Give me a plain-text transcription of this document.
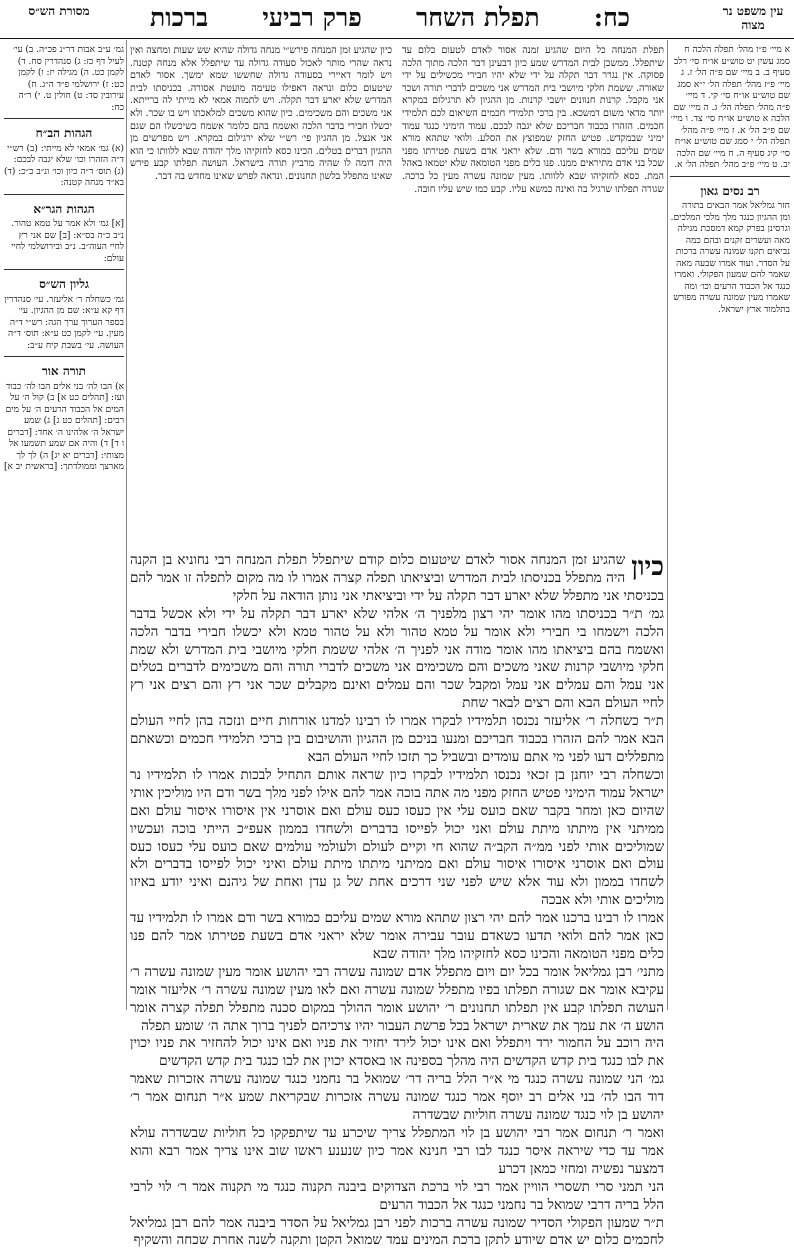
עין משפט נר מצוה
כח:
תפלת השחר
פרק רביעי
ברכות
מסורת הש״ס
א מיי׳ פ״ו מהל׳ תפלה הלכה ח סמג עשין יט טוש״ע או״ח סי׳ רלב סעיף ב. ב מיי׳ שם פ״ה הל׳ ז. ג מיי׳ פ״ז מהל׳ תפלה הל׳ י״א סמג שם טוש״ע או״ח סי׳ קי. ד מיי׳ פ״ה מהל׳ תפלה הל׳ ג. ה מיי׳ שם הלכה א טוש״ע או״ח סי׳ צד. ו מיי׳ שם פ״ב הל׳ א. ז מיי׳ פ״ה מהל׳ תפלה הל׳ י סמג שם טוש״ע או״ח סי׳ קיג סעיף ה. ח מיי׳ שם הלכה יב. ט מיי׳ פ״ב מהל׳ תפלה הל׳ א.
רב נסים גאון
חזר גמליאל אמר הבאים בתורה ומן ההגיון כנגד מלך מלכי המלכים. וגרסינן בפרק קמא דמסכת מגילה מאה ועשרים זקנים ובהם כמה נביאים תקנו שמונה עשרה ברכות על הסדר. ועוד אמרו שבעה מאה שאמר להם שמעון הפקולי. ואמרו כנגד אל הכבוד הרעים וכו׳ ומה שאמרו מעין שמונה עשרה מפורש בתלמוד ארץ ישראל.
גמ׳ ע״ב אבות דר״נ פכ״ה. ב) עי׳ לעיל דף כז: ג) סנהדרין סח. ד) לקמן כט. ה) מגילה יז: ו) לקמן כט: ז) ירושלמי פ״ד ה״ג. ח) עירובין סד: ט) חולין ט. י) ר״ה כח:
הגהות הב״ח
(א) גמ׳ אמאי לא מייתי: (ב) רש״י ד״ה הזהרו וכו׳ שלא יגבה לבכם: (ג) תוס׳ ד״ה כיון וכו׳ ונ״ב כ״כ: (ד) בא״ד מנחה קטנה:
הגהות הגר״א
[א] גמ׳ ולא אמר על טמא טהור. נ״ב כ״ה בס״א: [ב] שם אני רץ לחיי העוה״ב. נ״ב ובירושלמי לחיי עולם:
גליון הש״ס
גמ׳ כשחלה ר׳ אליעזר. עי׳ סנהדרין דף קא ע״א: שם מן ההגיון. עי׳ בספר הערוך ערך הגה: רש״י ד״ה מעין. עי׳ לקמן כט ע״א: תוס׳ ד״ה העושה. עי׳ בשבת קיח ע״ב:
תורה אור
א) הבו לה׳ בני אלים הבו לה׳ כבוד ועז: [תהלים כט א] ב) קול ה׳ על המים אל הכבוד הרעים ה׳ על מים רבים: [תהלים כט ג] ג) שמע ישראל ה׳ אלהינו ה׳ אחד: [דברים ו ד] ד) והיה אם שמע תשמעו אל מצותי: [דברים יא יג] ה) לך לך מארצך וממולדתך: [בראשית יב א]
תפלת המנחה כל היום שהגיע זמנה אסור לאדם לטעום כלום עד שיתפלל. ממשכן לבית המדרש שמע כיון דבעינן דבר הלכה מתוך הלכה פסוקה. אין נגרר דבר תקלה על ידי שלא יהיו חבירי מכשילים על ידי שאורה. ששמת חלקי מיושבי בית המדרש אני משכים לדברי תורה ושכר אני מקבל. קרנות חנוונים יושבי קרנות. מן ההגיון לא תרגילום במקרא יותר מדאי משום דמשכא. בין ברכי תלמידי חכמים השיאום לכם תלמידי חכמים. הזהרו בכבוד חבריכם שלא יגבה לבכם. עמוד הימיני כנגד עמוד ימיני שבמקדש. פטיש החזק שמפוצץ את הסלע. ולואי שתהא מורא שמים עליכם כמורא בשר ודם. שלא יראני אדם בשעת פטירתו מפני שכל בני אדם מתיראים ממנו. פנו כלים מפני הטומאה שלא יטמאו באהל המת. כסא לחזקיהו שבא ללוותו. מעין שמונה עשרה מעין כל ברכה. שגורה תפלתו שרגיל בה ואינה כמשא עליו. קבע כמו שיש עליו חובה.
כיון שהגיע זמן המנחה פירש״י מנחה גדולה שהיא שש שעות ומחצה ואין נראה שהרי מותר לאכול סעודה גדולה עד שיתפלל אלא מנחה קטנה. ויש לומר דאיירי בסעודה גדולה שחששו שמא ימשך. אסור לאדם שיטעום כלום ונראה דאפילו טעימה מועטת אסורה. בכניסתו לבית המדרש שלא יארע דבר תקלה. ויש לתמוה אמאי לא מייתי לה ברייתא. אני משכים והם משכימים. כיון שהוא משכים למלאכתו ויש בו שכר. ולא יכשלו חבירי בדבר הלכה ואשמח בהם כלומר אשמח כשיכשלו הם שגם אני אנצל. מן ההגיון פי׳ רש״י שלא ירגילום במקרא. ויש מפרשים מן ההגיון דברים בטלים. הכינו כסא לחזקיהו מלך יהודה שבא ללוותו כי הוא היה דומה לו שהיה מרביץ תורה בישראל. העושה תפלתו קבע פירש שאינו מתפלל בלשון תחנונים. ונראה לפרש שאינו מחדש בה דבר.
כיון

שהגיע זמן המנחה אסור לאדם שיטעום כלום קודם שיתפלל תפלת המנחה רבי נחוניא בן הקנה היה מתפלל בכניסתו לבית המדרש וביציאתו תפלה קצרה אמרו לו מה מקום לתפלה זו אמר להם בכניסתי אני מתפלל שלא יארע דבר תקלה על ידי וביציאתי אני נותן הודאה על חלקי

גמ׳ ת״ר בכניסתו מהו אומר יהי רצון מלפניך ה׳ אלהי שלא יארע דבר תקלה על ידי ולא אכשל בדבר הלכה וישמחו בי חבירי ולא אומר על טמא טהור ולא על טהור טמא ולא יכשלו חבירי בדבר הלכה ואשמח בהם ביציאתו מהו אומר מודה אני לפניך ה׳ אלהי ששמת חלקי מיושבי בית המדרש ולא שמת חלקי מיושבי קרנות שאני משכים והם משכימים אני משכים לדברי תורה והם משכימים לדברים בטלים אני עמל והם עמלים אני עמל ומקבל שכר והם עמלים ואינם מקבלים שכר אני רץ והם רצים אני רץ לחיי העולם הבא והם רצים לבאר שחת

ת״ר כשחלה ר׳ אליעזר נכנסו תלמידיו לבקרו אמרו לו רבינו למדנו אורחות חיים ונזכה בהן לחיי העולם הבא אמר להם הזהרו בכבוד חבריכם ומנעו בניכם מן ההגיון והושיבום בין ברכי תלמידי חכמים וכשאתם מתפללים דעו לפני מי אתם עומדים ובשביל כך תזכו לחיי העולם הבא

וכשחלה רבי יוחנן בן זכאי נכנסו תלמידיו לבקרו כיון שראה אותם התחיל לבכות אמרו לו תלמידיו נר ישראל עמוד הימיני פטיש החזק מפני מה אתה בוכה אמר להם אילו לפני מלך בשר ודם היו מוליכין אותי שהיום כאן ומחר בקבר שאם כועס עלי אין כעסו כעס עולם ואם אוסרני אין איסורו איסור עולם ואם ממיתני אין מיתתו מיתת עולם ואני יכול לפייסו בדברים ולשחדו בממון אעפ״כ הייתי בוכה ועכשיו שמוליכים אותי לפני ממ״ה הקב״ה שהוא חי וקיים לעולם ולעולמי עולמים שאם כועס עלי כעסו כעס עולם ואם אוסרני איסורו איסור עולם ואם ממיתני מיתתו מיתת עולם ואיני יכול לפייסו בדברים ולא לשחדו בממון ולא עוד אלא שיש לפני שני דרכים אחת של גן עדן ואחת של גיהנם ואיני יודע באיזו מוליכים אותי ולא אבכה

אמרו לו רבינו ברכנו אמר להם יהי רצון שתהא מורא שמים עליכם כמורא בשר ודם אמרו לו תלמידיו עד כאן אמר להם ולואי תדעו כשאדם עובר עבירה אומר שלא יראני אדם בשעת פטירתו אמר להם פנו כלים מפני הטומאה והכינו כסא לחזקיהו מלך יהודה שבא

מתני׳ רבן גמליאל אומר בכל יום ויום מתפלל אדם שמונה עשרה רבי יהושע אומר מעין שמונה עשרה ר׳ עקיבא אומר אם שגורה תפלתו בפיו מתפלל שמונה עשרה ואם לאו מעין שמונה עשרה ר׳ אליעזר אומר העושה תפלתו קבע אין תפלתו תחנונים ר׳ יהושע אומר ההולך במקום סכנה מתפלל תפלה קצרה אומר הושע ה׳ את עמך את שארית ישראל בכל פרשת העבור יהיו צרכיהם לפניך ברוך אתה ה׳ שומע תפלה

היה רוכב על החמור ירד ויתפלל ואם אינו יכול לירד יחזיר את פניו ואם אינו יכול להחזיר את פניו יכוין את לבו כנגד בית קדש הקדשים היה מהלך בספינה או באסדא יכוין את לבו כנגד בית קדש הקדשים

גמ׳ הני שמונה עשרה כנגד מי א״ר הלל בריה דר׳ שמואל בר נחמני כנגד שמונה עשרה אזכרות שאמר דוד הבו לה׳ בני אלים רב יוסף אמר כנגד שמונה עשרה אזכרות שבקריאת שמע א״ר תנחום אמר ר׳ יהושע בן לוי כנגד שמונה עשרה חוליות שבשדרה

ואמר ר׳ תנחום אמר רבי יהושע בן לוי המתפלל צריך שיכרע עד שיתפקקו כל חוליות שבשדרה עולא אמר עד כדי שיראה איסר כנגד לבו רבי חנינא אמר כיון שנענע ראשו שוב אינו צריך אמר רבא והוא דמצער נפשיה ומחזי כמאן דכרע

הני תמני סרי תשסרי הוויין אמר רבי לוי ברכת הצדוקים ביבנה תקנוה כנגד מי תקנוה אמר ר׳ לוי לרבי הלל בריה דרבי שמואל בר נחמני כנגד אל הכבוד הרעים

ת״ר שמעון הפקולי הסדיר שמונה עשרה ברכות לפני רבן גמליאל על הסדר ביבנה אמר להם רבן גמליאל לחכמים כלום יש אדם שיודע לתקן ברכת המינים עמד שמואל הקטן ותקנה לשנה אחרת שכחה והשקיף
